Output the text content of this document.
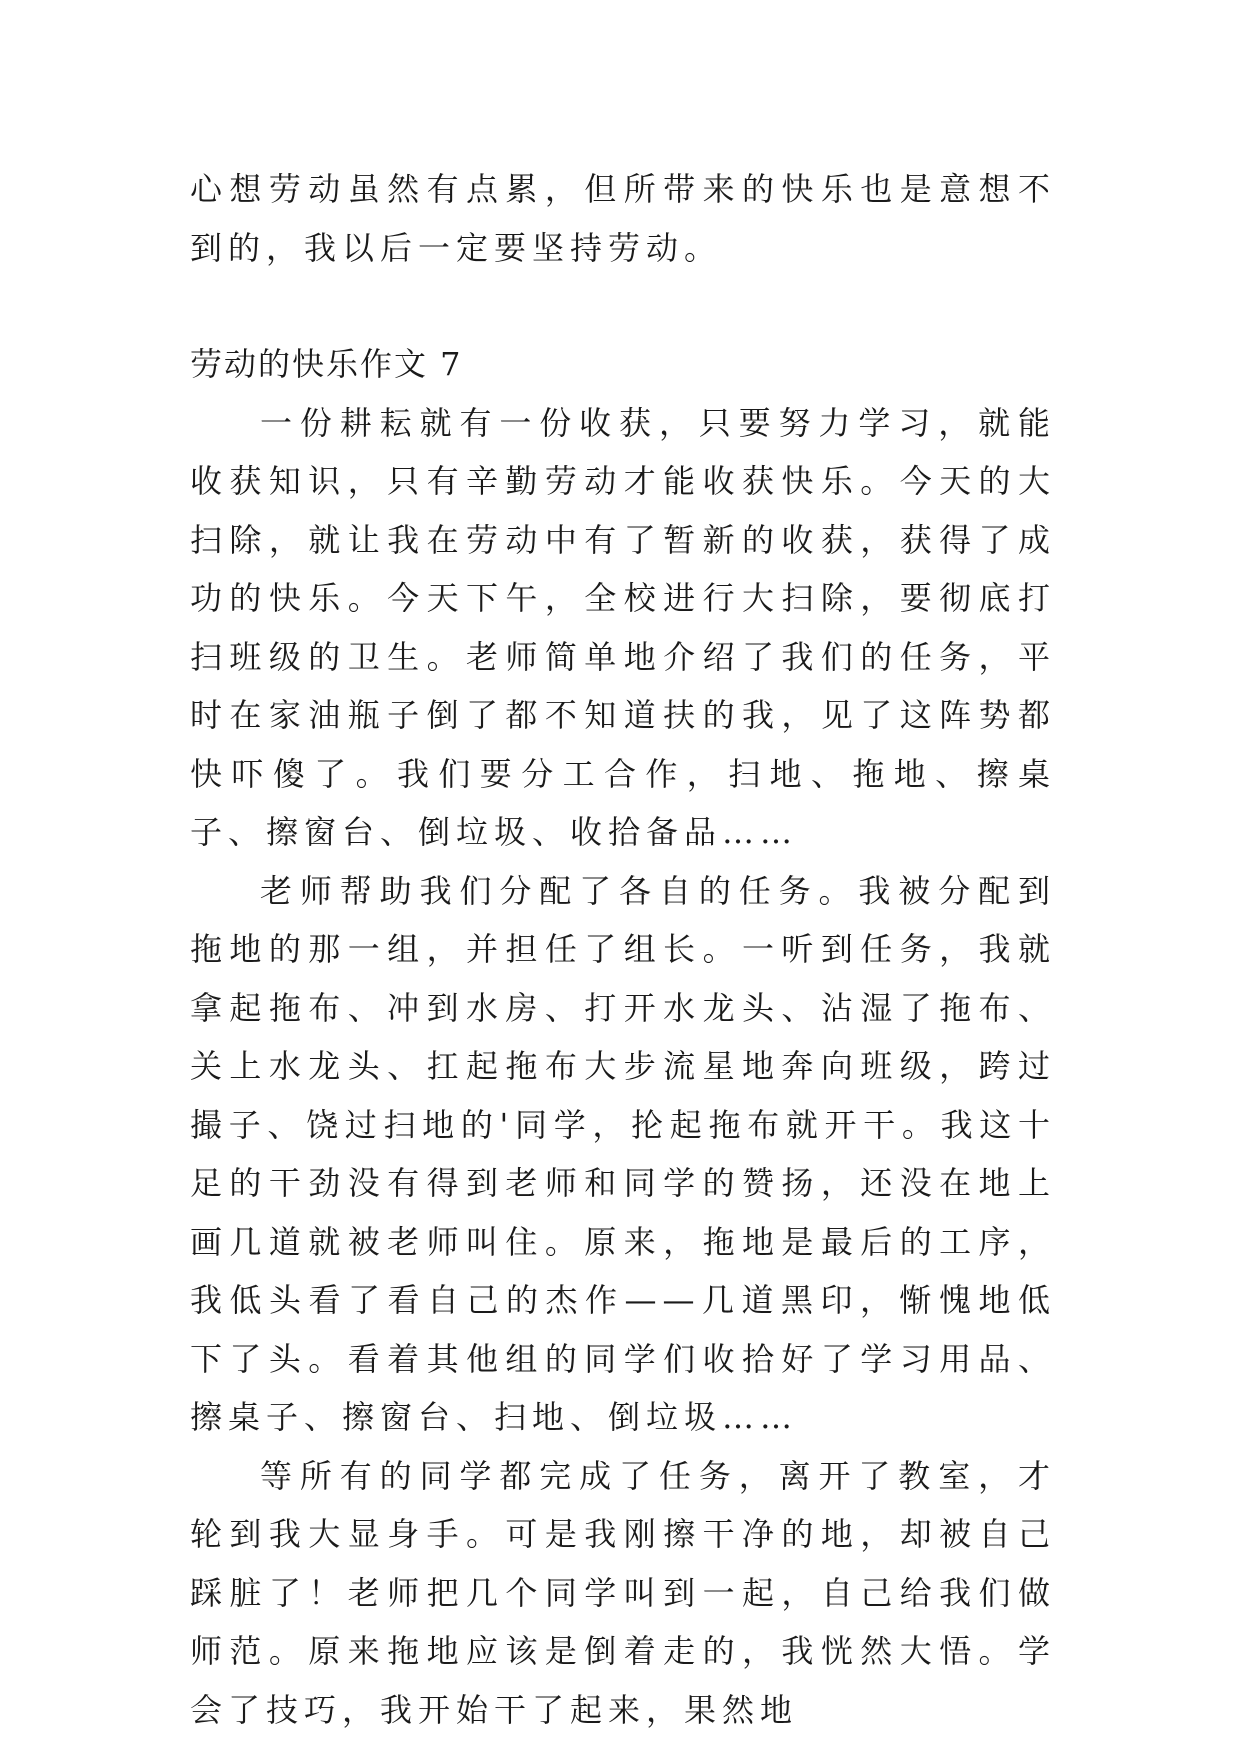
心想劳动虽然有点累，但所带来的快乐也是意想不到的，我以后一定要坚持劳动。

劳动的快乐作文 7

一份耕耘就有一份收获，只要努力学习，就能收获知识，只有辛勤劳动才能收获快乐。今天的大扫除，就让我在劳动中有了暂新的收获，获得了成功的快乐。今天下午，全校进行大扫除，要彻底打扫班级的卫生。老师简单地介绍了我们的任务，平时在家油瓶子倒了都不知道扶的我，见了这阵势都快吓傻了。我们要分工合作，扫地、拖地、擦桌子、擦窗台、倒垃圾、收拾备品……

老师帮助我们分配了各自的任务。我被分配到拖地的那一组，并担任了组长。一听到任务，我就拿起拖布、冲到水房、打开水龙头、沾湿了拖布、关上水龙头、扛起拖布大步流星地奔向班级，跨过撮子、饶过扫地的'同学，抡起拖布就开干。我这十足的干劲没有得到老师和同学的赞扬，还没在地上画几道就被老师叫住。原来，拖地是最后的工序，我低头看了看自己的杰作——几道黑印，惭愧地低下了头。看着其他组的同学们收拾好了学习用品、擦桌子、擦窗台、扫地、倒垃圾……

等所有的同学都完成了任务，离开了教室，才轮到我大显身手。可是我刚擦干净的地，却被自己踩脏了！老师把几个同学叫到一起，自己给我们做师范。原来拖地应该是倒着走的，我恍然大悟。学会了技巧，我开始干了起来，果然地
